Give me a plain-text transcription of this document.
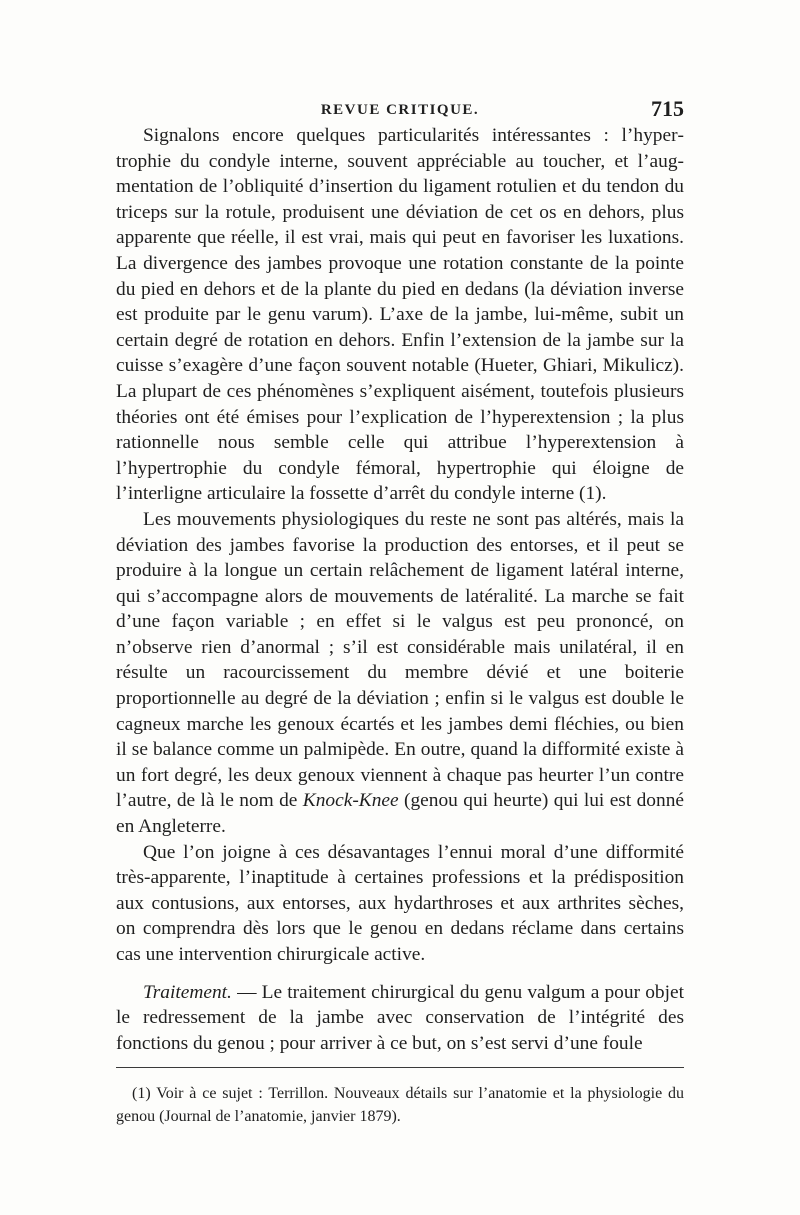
REVUE CRITIQUE.	715

Signalons encore quelques particularités intéressantes : l’hypertrophie du condyle interne, souvent appréciable au toucher, et l’augmentation de l’obliquité d’insertion du ligament rotulien et du tendon du triceps sur la rotule, produisent une déviation de cet os en dehors, plus apparente que réelle, il est vrai, mais qui peut en favoriser les luxations. La divergence des jambes provoque une rotation constante de la pointe du pied en dehors et de la plante du pied en dedans (la déviation inverse est produite par le genu varum). L’axe de la jambe, lui-même, subit un certain degré de rotation en dehors. Enfin l’extension de la jambe sur la cuisse s’exagère d’une façon souvent notable (Hueter, Ghiari, Mikulicz). La plupart de ces phénomènes s’expliquent aisément, toutefois plusieurs théories ont été émises pour l’explication de l’hyperextension ; la plus rationnelle nous semble celle qui attribue l’hyperextension à l’hypertrophie du condyle fémoral, hypertrophie qui éloigne de l’interligne articulaire la fossette d’arrêt du condyle interne (1).

Les mouvements physiologiques du reste ne sont pas altérés, mais la déviation des jambes favorise la production des entorses, et il peut se produire à la longue un certain relâchement de ligament latéral interne, qui s’accompagne alors de mouvements de latéralité. La marche se fait d’une façon variable ; en effet si le valgus est peu prononcé, on n’observe rien d’anormal ; s’il est considérable mais unilatéral, il en résulte un racourcissement du membre dévié et une boiterie proportionnelle au degré de la déviation ; enfin si le valgus est double le cagneux marche les genoux écartés et les jambes demi fléchies, ou bien il se balance comme un palmipède. En outre, quand la difformité existe à un fort degré, les deux genoux viennent à chaque pas heurter l’un contre l’autre, de là le nom de Knock-Knee (genou qui heurte) qui lui est donné en Angleterre.

Que l’on joigne à ces désavantages l’ennui moral d’une difformité très-apparente, l’inaptitude à certaines professions et la prédisposition aux contusions, aux entorses, aux hydarthroses et aux arthrites sèches, on comprendra dès lors que le genou en dedans réclame dans certains cas une intervention chirurgicale active.

Traitement. — Le traitement chirurgical du genu valgum a pour objet le redressement de la jambe avec conservation de l’intégrité des fonctions du genou ; pour arriver à ce but, on s’est servi d’une foule

(1) Voir à ce sujet : Terrillon. Nouveaux détails sur l’anatomie et la physiologie du genou (Journal de l’anatomie, janvier 1879).
